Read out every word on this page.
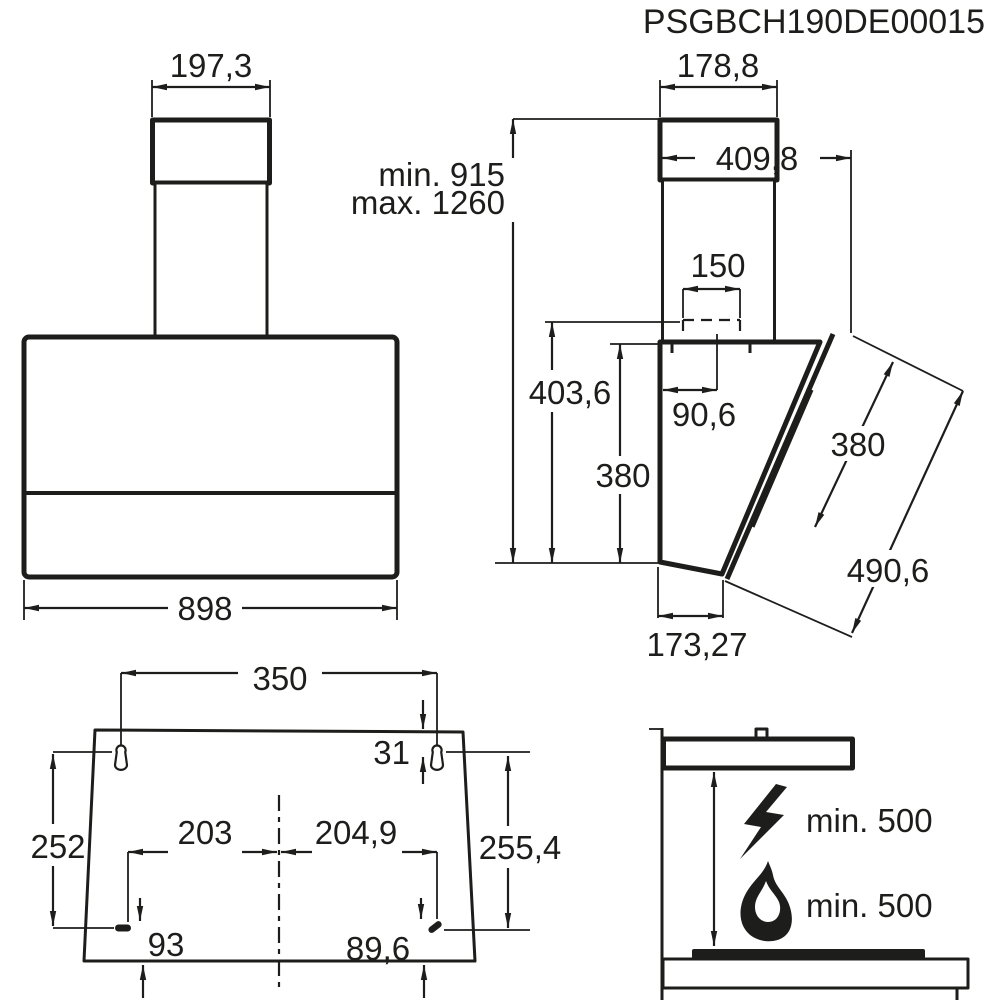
PSGBCH190DE00015
197,3
898
178,8
409,8
min. 915
max. 1260
403,6
380
150
90,6
380
490,6
173,27
350
31
252	255,4
203 204,9
93	89,6
min. 500
min. 500
